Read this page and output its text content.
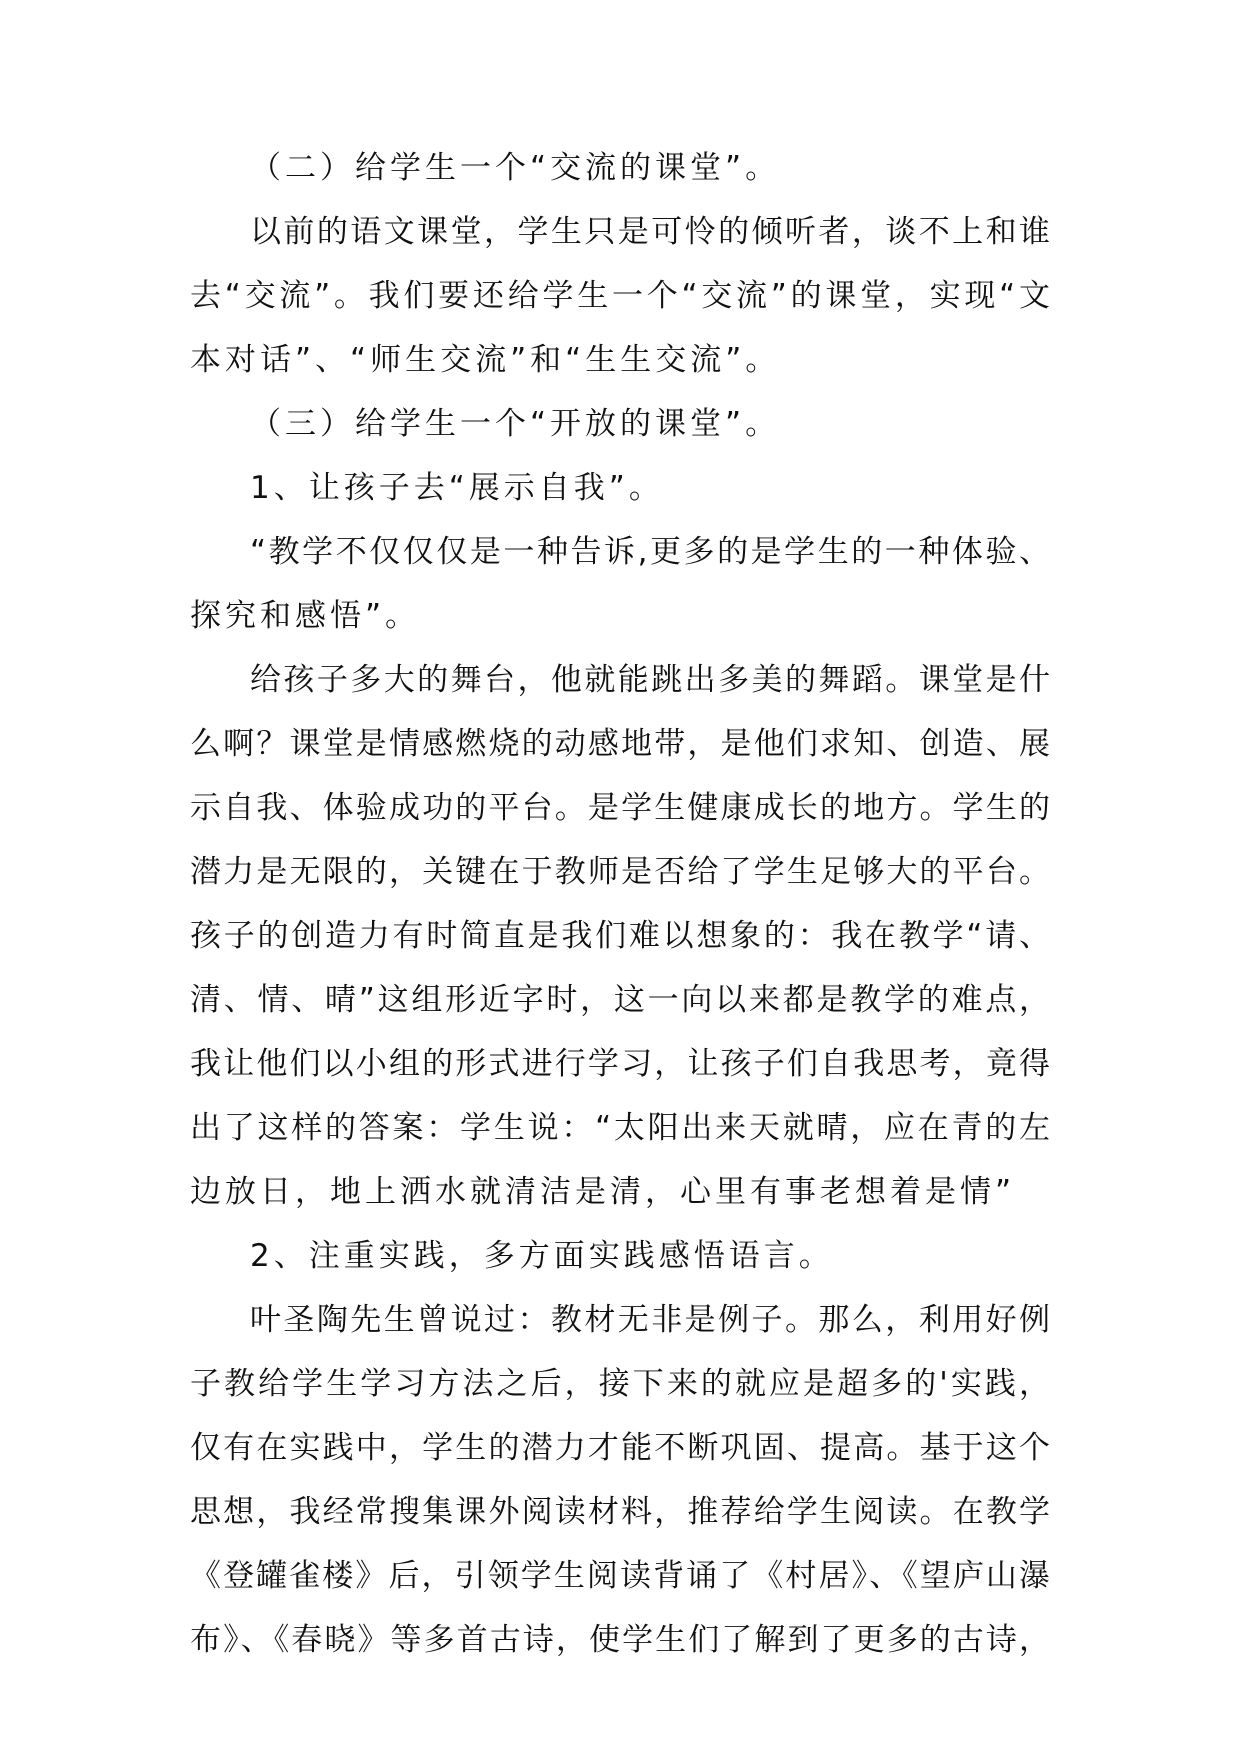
（二）给学生一个“交流的课堂”。

以前的语文课堂，学生只是可怜的倾听者，谈不上和谁

去“交流”。我们要还给学生一个“交流”的课堂，实现“文

本对话”、“师生交流”和“生生交流”。

（三）给学生一个“开放的课堂”。

1、让孩子去“展示自我”。

“教学不仅仅仅是一种告诉,更多的是学生的一种体验、

探究和感悟”。

给孩子多大的舞台，他就能跳出多美的舞蹈。课堂是什

么啊？课堂是情感燃烧的动感地带，是他们求知、创造、展

示自我、体验成功的平台。是学生健康成长的地方。学生的

潜力是无限的，关键在于教师是否给了学生足够大的平台。

孩子的创造力有时简直是我们难以想象的：我在教学“请、

清、情、晴”这组形近字时，这一向以来都是教学的难点，

我让他们以小组的形式进行学习，让孩子们自我思考，竟得

出了这样的答案：学生说：“太阳出来天就晴，应在青的左

边放日，地上洒水就清洁是清，心里有事老想着是情”

2、注重实践，多方面实践感悟语言。

叶圣陶先生曾说过：教材无非是例子。那么，利用好例

子教给学生学习方法之后，接下来的就应是超多的'实践，

仅有在实践中，学生的潜力才能不断巩固、提高。基于这个

思想，我经常搜集课外阅读材料，推荐给学生阅读。在教学

《登罐雀楼》后，引领学生阅读背诵了《村居》、《望庐山瀑

布》、《春晓》等多首古诗，使学生们了解到了更多的古诗，
